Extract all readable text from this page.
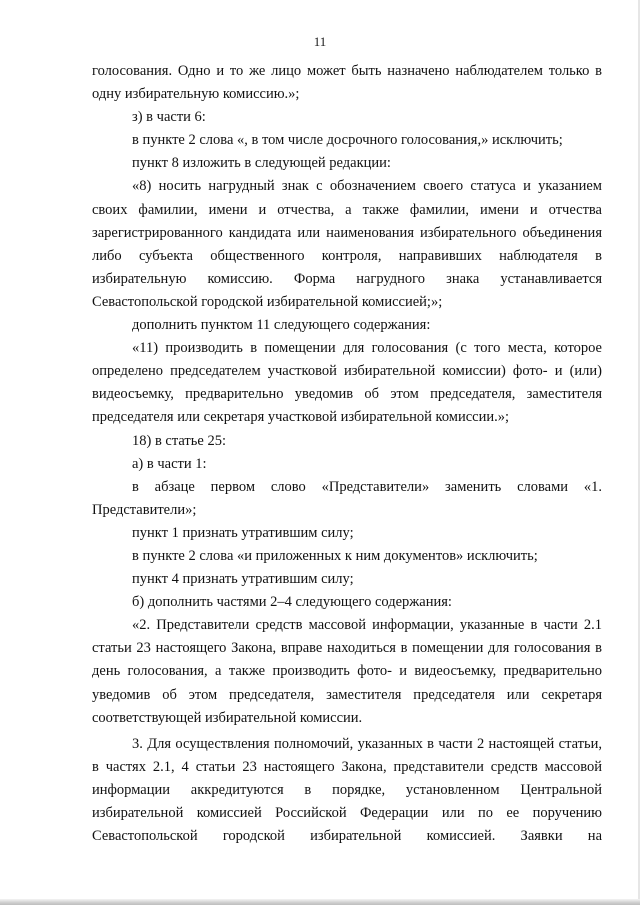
11

голосования. Одно и то же лицо может быть назначено наблюдателем только в одну избирательную комиссию.»;

з) в части 6:

в пункте 2 слова «, в том числе досрочного голосования,» исключить;

пункт 8 изложить в следующей редакции:

«8) носить нагрудный знак с обозначением своего статуса и указанием своих фамилии, имени и отчества, а также фамилии, имени и отчества зарегистрированного кандидата или наименования избирательного объединения либо субъекта общественного контроля, направивших наблюдателя в избирательную комиссию. Форма нагрудного знака устанавливается Севастопольской городской избирательной комиссией;»;

дополнить пунктом 11 следующего содержания:

«11) производить в помещении для голосования (с того места, которое определено председателем участковой избирательной комиссии) фото- и (или) видеосъемку, предварительно уведомив об этом председателя, заместителя председателя или секретаря участковой избирательной комиссии.»;

18) в статье 25:

а) в части 1:

в абзаце первом слово «Представители» заменить словами «1. Представители»;

пункт 1 признать утратившим силу;

в пункте 2 слова «и приложенных к ним документов» исключить;

пункт 4 признать утратившим силу;

б) дополнить частями 2–4 следующего содержания:

«2. Представители средств массовой информации, указанные в части 2.1 статьи 23 настоящего Закона, вправе находиться в помещении для голосования в день голосования, а также производить фото- и видеосъемку, предварительно уведомив об этом председателя, заместителя председателя или секретаря соответствующей избирательной комиссии.

3. Для осуществления полномочий, указанных в части 2 настоящей статьи, в частях 2.1, 4 статьи 23 настоящего Закона, представители средств массовой информации аккредитуются в порядке, установленном Центральной избирательной комиссией Российской Федерации или по ее поручению Севастопольской городской избирательной комиссией. Заявки на
